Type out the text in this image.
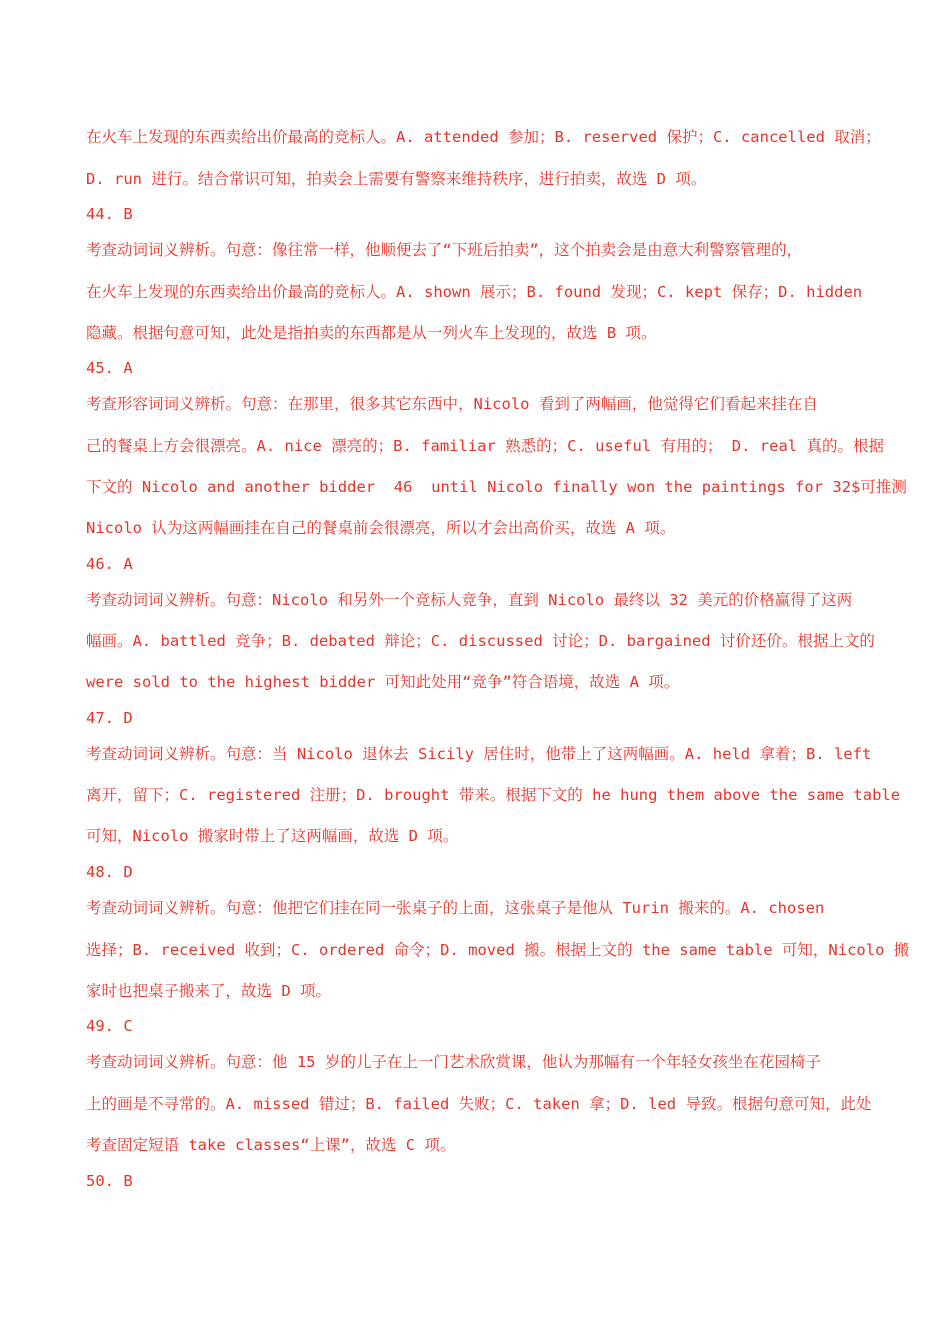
在火车上发现的东西卖给出价最高的竞标人。A. attended 参加；B. reserved 保护；C. cancelled 取消；
D. run 进行。结合常识可知，拍卖会上需要有警察来维持秩序，进行拍卖，故选 D 项。
44. B
考查动词词义辨析。句意：像往常一样，他顺便去了“下班后拍卖”，这个拍卖会是由意大利警察管理的，
在火车上发现的东西卖给出价最高的竞标人。A. shown 展示；B. found 发现；C. kept 保存；D. hidden
隐藏。根据句意可知，此处是指拍卖的东西都是从一列火车上发现的，故选 B 项。
45. A
考查形容词词义辨析。句意：在那里，很多其它东西中，Nicolo 看到了两幅画，他觉得它们看起来挂在自
己的餐桌上方会很漂亮。A. nice 漂亮的；B. familiar 熟悉的；C. useful 有用的； D. real 真的。根据
下文的 Nicolo and another bidder  46  until Nicolo finally won the paintings for 32$可推测
Nicolo 认为这两幅画挂在自己的餐桌前会很漂亮，所以才会出高价买，故选 A 项。
46. A
考查动词词义辨析。句意：Nicolo 和另外一个竞标人竞争，直到 Nicolo 最终以 32 美元的价格赢得了这两
幅画。A. battled 竞争；B. debated 辩论；C. discussed 讨论；D. bargained 讨价还价。根据上文的
were sold to the highest bidder 可知此处用“竞争”符合语境，故选 A 项。
47. D
考查动词词义辨析。句意：当 Nicolo 退休去 Sicily 居住时，他带上了这两幅画。A. held 拿着；B. left
离开，留下；C. registered 注册；D. brought 带来。根据下文的 he hung them above the same table
可知，Nicolo 搬家时带上了这两幅画，故选 D 项。
48. D
考查动词词义辨析。句意：他把它们挂在同一张桌子的上面，这张桌子是他从 Turin 搬来的。A. chosen
选择；B. received 收到；C. ordered 命令；D. moved 搬。根据上文的 the same table 可知，Nicolo 搬
家时也把桌子搬来了，故选 D 项。
49. C
考查动词词义辨析。句意：他 15 岁的儿子在上一门艺术欣赏课，他认为那幅有一个年轻女孩坐在花园椅子
上的画是不寻常的。A. missed 错过；B. failed 失败；C. taken 拿；D. led 导致。根据句意可知，此处
考查固定短语 take classes“上课”，故选 C 项。
50. B
